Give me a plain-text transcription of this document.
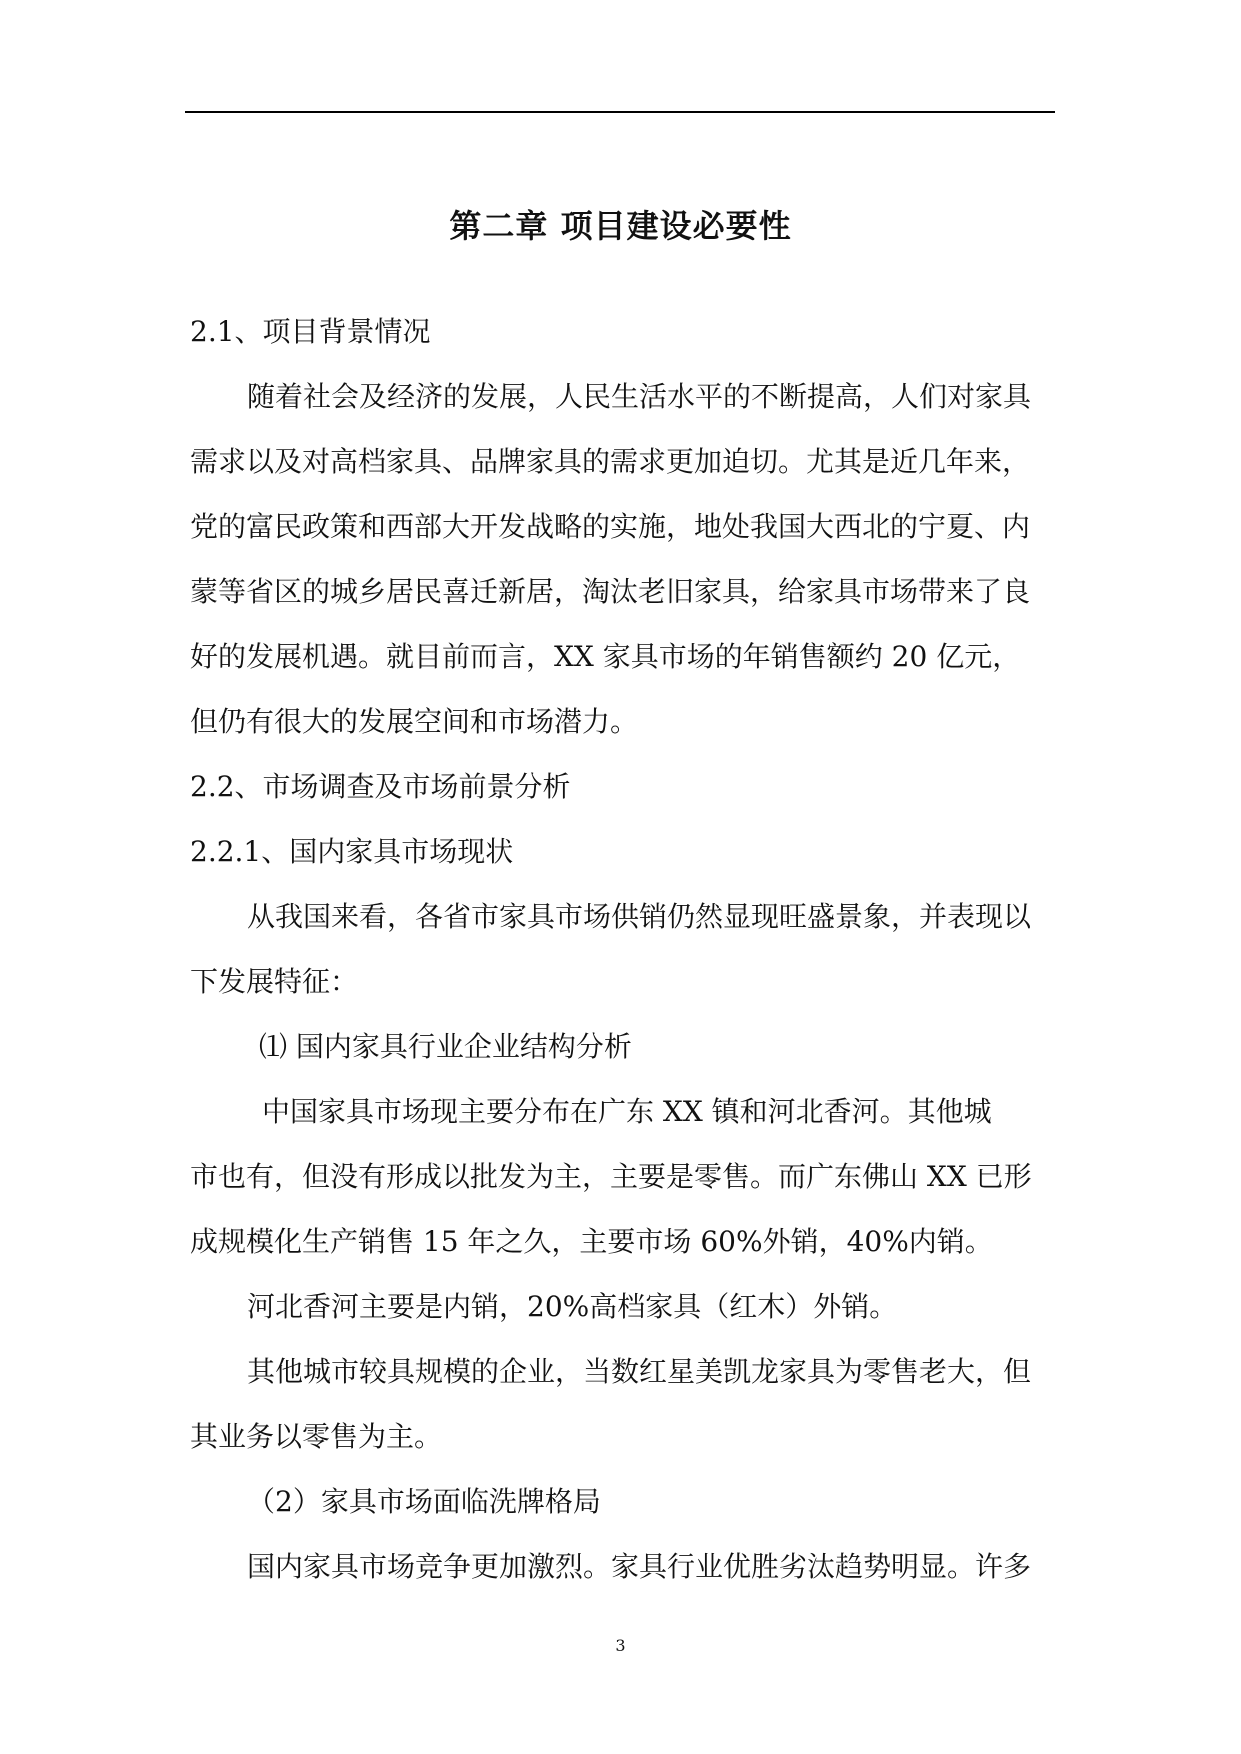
第二章 项目建设必要性
2.1、项目背景情况
随着社会及经济的发展，人民生活水平的不断提高，人们对家具
需求以及对高档家具、品牌家具的需求更加迫切。尤其是近几年来，
党的富民政策和西部大开发战略的实施，地处我国大西北的宁夏、内
蒙等省区的城乡居民喜迁新居，淘汰老旧家具，给家具市场带来了良
好的发展机遇。就目前而言，XX 家具市场的年销售额约 20 亿元，
但仍有很大的发展空间和市场潜力。
2.2、市场调查及市场前景分析
2.2.1、国内家具市场现状
从我国来看，各省市家具市场供销仍然显现旺盛景象，并表现以
下发展特征：
⑴ 国内家具行业企业结构分析
中国家具市场现主要分布在广东 XX 镇和河北香河。其他城
市也有，但没有形成以批发为主，主要是零售。而广东佛山 XX 已形
成规模化生产销售 15 年之久，主要市场 60%外销，40%内销。
河北香河主要是内销，20%高档家具（红木）外销。
其他城市较具规模的企业，当数红星美凯龙家具为零售老大，但
其业务以零售为主。
（2）家具市场面临洗牌格局
国内家具市场竞争更加激烈。家具行业优胜劣汰趋势明显。许多
3
